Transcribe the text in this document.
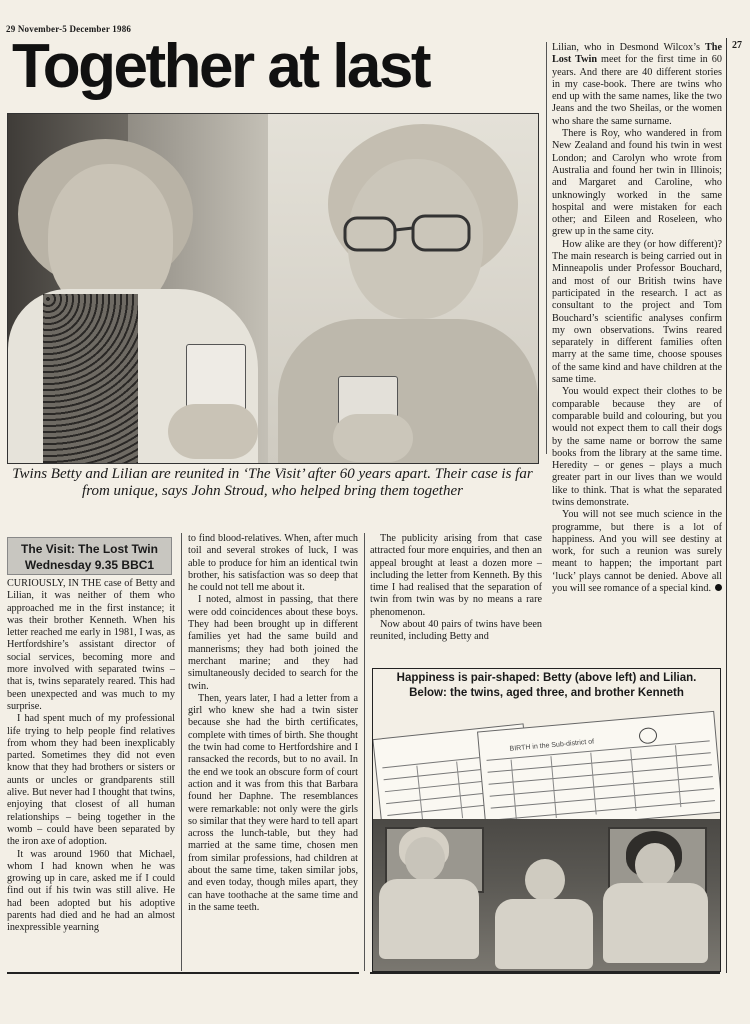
29 November-5 December 1986
27
Together at last
Twins Betty and Lilian are reunited in ‘The Visit’ after 60 years apart. Their case is far from unique, says John Stroud, who helped bring them together
The Visit: The Lost Twin
Wednesday 9.35 BBC1

CURIOUSLY, IN THE case of Betty and Lilian, it was neither of them who approached me in the first instance; it was their brother Kenneth. When his letter reached me early in 1981, I was, as Hertfordshire’s assistant director of social services, becoming more and more involved with separated twins – that is, twins separately reared. This had been unexpected and was much to my surprise.

I had spent much of my professional life trying to help people find relatives from whom they had been inexplicably parted. Sometimes they did not even know that they had brothers or sisters or aunts or uncles or grandparents still alive. But never had I thought that twins, enjoying that closest of all human relationships – being together in the womb – could have been separated by the iron axe of adoption.

It was around 1960 that Michael, whom I had known when he was growing up in care, asked me if I could find out if his twin was still alive. He had been adopted but his adoptive parents had died and he had an almost inexpressible yearning

to find blood-relatives. When, after much toil and several strokes of luck, I was able to produce for him an identical twin brother, his satisfaction was so deep that he could not tell me about it.

I noted, almost in passing, that there were odd coincidences about these boys. They had been brought up in different families yet had the same build and mannerisms; they had both joined the merchant marine; and they had simultaneously decided to search for the twin.

Then, years later, I had a letter from a girl who knew she had a twin sister because she had the birth certificates, complete with times of birth. She thought the twin had come to Hertfordshire and I ransacked the records, but to no avail. In the end we took an obscure form of court action and it was from this that Barbara found her Daphne. The resemblances were remarkable: not only were the girls so similar that they were hard to tell apart across the lunch-table, but they had married at the same time, chosen men from similar professions, had children at about the same time, taken similar jobs, and even today, though miles apart, they can have toothache at the same time and in the same teeth.

The publicity arising from that case attracted four more enquiries, and then an appeal brought at least a dozen more – including the letter from Kenneth. By this time I had realised that the separation of twin from twin was by no means a rare phenomenon.

Now about 40 pairs of twins have been reunited, including Betty and

Lilian, who in Desmond Wilcox’s The Lost Twin meet for the first time in 60 years. And there are 40 different stories in my case-book. There are twins who end up with the same names, like the two Jeans and the two Sheilas, or the women who share the same surname.

There is Roy, who wandered in from New Zealand and found his twin in west London; and Carolyn who wrote from Australia and found her twin in Illinois; and Margaret and Caroline, who unknowingly worked in the same hospital and were mistaken for each other; and Eileen and Roseleen, who grew up in the same city.

How alike are they (or how different)? The main research is being carried out in Minneapolis under Professor Bouchard, and most of our British twins have participated in the research. I act as consultant to the project and Tom Bouchard’s scientific analyses confirm my own observations. Twins reared separately in different families often marry at the same time, choose spouses of the same kind and have children at the same time.

You would expect their clothes to be comparable because they are of comparable build and colouring, but you would not expect them to call their dogs by the same name or borrow the same books from the library at the same time. Heredity – or genes – plays a much greater part in our lives than we would like to think. That is what the separated twins demonstrate.

You will not see much science in the programme, but there is a lot of happiness. And you will see destiny at work, for such a reunion was surely meant to happen; the important part ‘luck’ plays cannot be denied. Above all you will see romance of a special kind.

Happiness is pair-shaped: Betty (above left) and Lilian.
Below: the twins, aged three, and brother Kenneth
BIRTH in the Sub-district of
